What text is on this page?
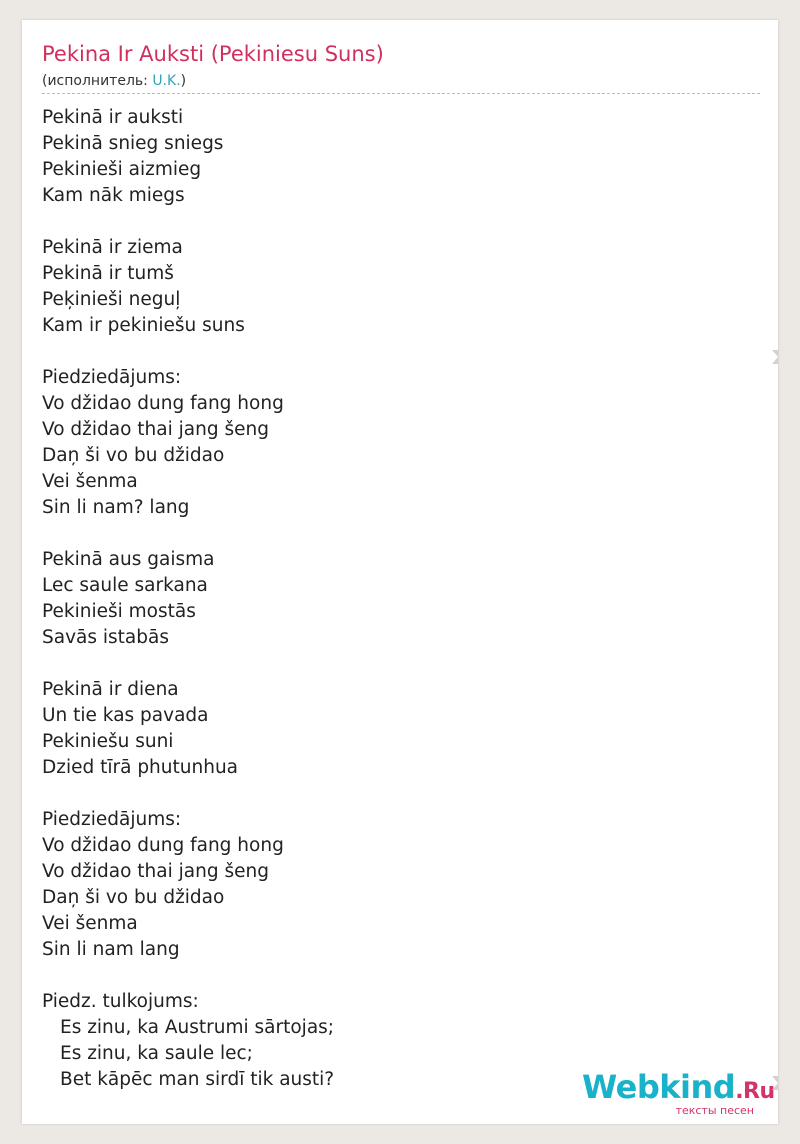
Pekina Ir Auksti (Pekiniesu Suns)
(исполнитель: U.K.)
Pekinā ir auksti
Pekinā snieg sniegs
Pekinieši aizmieg
Kam nāk miegs
Pekinā ir ziema
Pekinā ir tumš
Peķinieši neguļ
Kam ir pekiniešu suns
Piedziedājums:
Vo džidao dung fang hong
Vo džidao thai jang šeng
Daņ ši vo bu džidao
Vei šenma
Sin li nam? lang
Pekinā aus gaisma
Lec saule sarkana
Pekinieši mostās
Savās istabās
Pekinā ir diena
Un tie kas pavada
Pekiniešu suni
Dzied tīrā phutunhua
Piedziedājums:
Vo džidao dung fang hong
Vo džidao thai jang šeng
Daņ ši vo bu džidao
Vei šenma
Sin li nam lang
Piedz. tulkojums:
Es zinu, ka Austrumi sārtojas;
Es zinu, ka saule lec;
Bet kāpēc man sirdī tik austi?	Webkind.Ru
тексты песен
